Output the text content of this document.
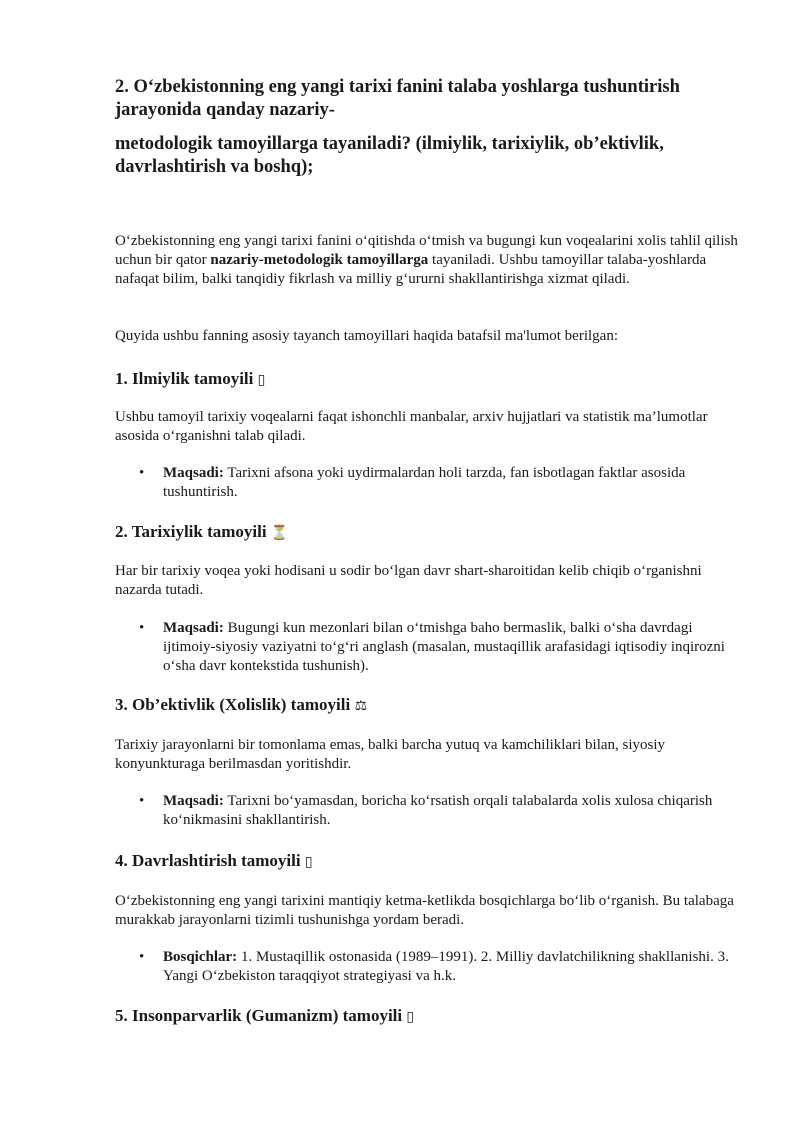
2. O‘zbekistonning eng yangi tarixi fanini talaba yoshlarga tushuntirish jarayonida qanday nazariy-
metodologik tamoyillarga tayaniladi? (ilmiylik, tarixiylik, ob’ektivlik, davrlashtirish va boshq);

O‘zbekistonning eng yangi tarixi fanini o‘qitishda o‘tmish va bugungi kun voqealarini xolis tahlil qilish uchun bir qator nazariy-metodologik tamoyillarga tayaniladi. Ushbu tamoyillar talaba-yoshlarda nafaqat bilim, balki tanqidiy fikrlash va milliy g‘ururni shakllantirishga xizmat qiladi.

Quyida ushbu fanning asosiy tayanch tamoyillari haqida batafsil ma'lumot berilgan:

1. Ilmiylik tamoyili ▯

Ushbu tamoyil tarixiy voqealarni faqat ishonchli manbalar, arxiv hujjatlari va statistik ma’lumotlar asosida o‘rganishni talab qiladi.

• Maqsadi: Tarixni afsona yoki uydirmalardan holi tarzda, fan isbotlagan faktlar asosida tushuntirish.
2. Tarixiylik tamoyili ⏳

Har bir tarixiy voqea yoki hodisani u sodir bo‘lgan davr shart-sharoitidan kelib chiqib o‘rganishni nazarda tutadi.

• Maqsadi: Bugungi kun mezonlari bilan o‘tmishga baho bermaslik, balki o‘sha davrdagi ijtimoiy-siyosiy vaziyatni to‘g‘ri anglash (masalan, mustaqillik arafasidagi iqtisodiy inqirozni o‘sha davr kontekstida tushunish).
3. Ob’ektivlik (Xolislik) tamoyili ⚖

Tarixiy jarayonlarni bir tomonlama emas, balki barcha yutuq va kamchiliklari bilan, siyosiy konyunkturaga berilmasdan yoritishdir.

• Maqsadi: Tarixni bo‘yamasdan, boricha ko‘rsatish orqali talabalarda xolis xulosa chiqarish ko‘nikmasini shakllantirish.
4. Davrlashtirish tamoyili ▯

O‘zbekistonning eng yangi tarixini mantiqiy ketma-ketlikda bosqichlarga bo‘lib o‘rganish. Bu talabaga murakkab jarayonlarni tizimli tushunishga yordam beradi.

• Bosqichlar: 1. Mustaqillik ostonasida (1989–1991). 2. Milliy davlatchilikning shakllanishi. 3. Yangi O‘zbekiston taraqqiyot strategiyasi va h.k.
5. Insonparvarlik (Gumanizm) tamoyili ▯
